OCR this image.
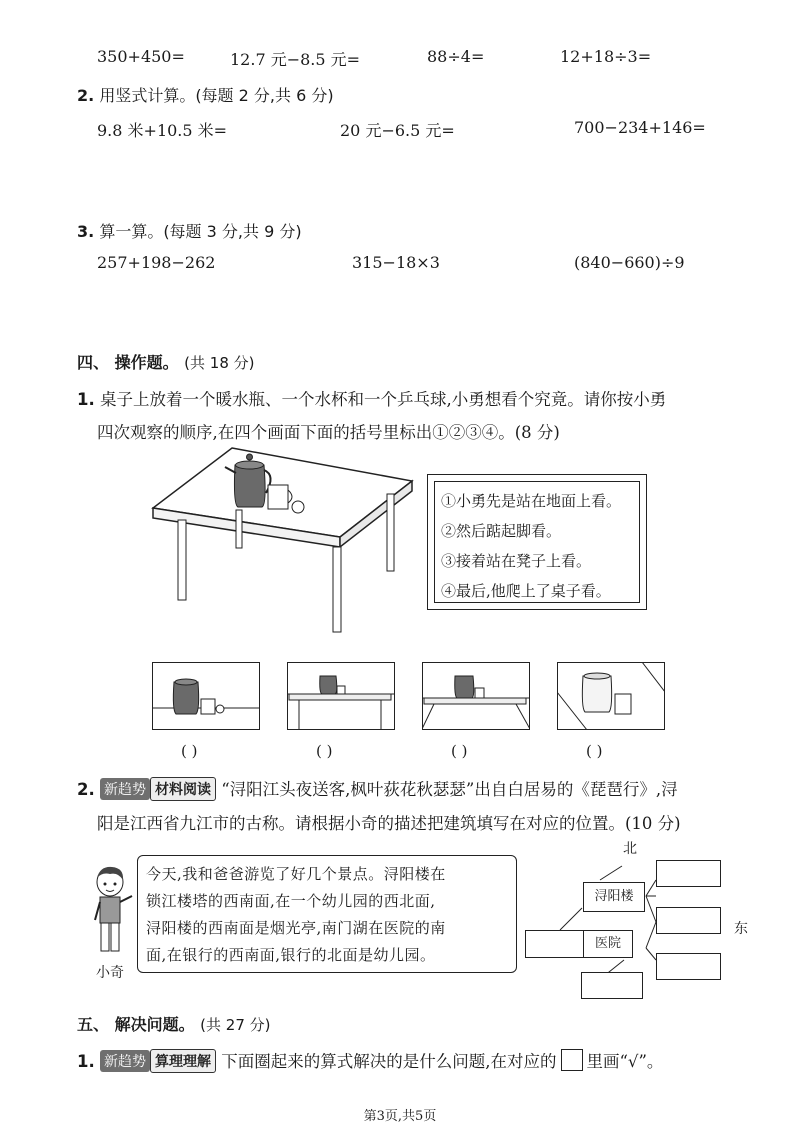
350+450=	12.7 元−8.5 元=	88÷4=	12+18÷3=
2. 用竖式计算。(每题 2 分,共 6 分)
9.8 米+10.5 米=	20 元−6.5 元=	700−234+146=
3. 算一算。(每题 3 分,共 9 分)
257+198−262	315−18×3	(840−660)÷9
四、 操作题。 (共 18 分)
1. 桌子上放着一个暖水瓶、一个水杯和一个乒乓球,小勇想看个究竟。请你按小勇
四次观察的顺序,在四个画面下面的括号里标出①②③④。(8 分)
①小勇先是站在地面上看。
②然后踮起脚看。
③接着站在凳子上看。
④最后,他爬上了桌子看。
( )	( )	( )	( )
2. 新趋势 材料阅读 “浔阳江头夜送客,枫叶荻花秋瑟瑟”出自白居易的《琵琶行》,浔
阳是江西省九江市的古称。请根据小奇的描述把建筑填写在对应的位置。(10 分)
小奇
今天,我和爸爸游览了好几个景点。浔阳楼在
锁江楼塔的西南面,在一个幼儿园的西北面,
浔阳楼的西南面是烟光亭,南门湖在医院的南
面,在银行的西南面,银行的北面是幼儿园。
北
东
浔阳楼
医院
五、 解决问题。 (共 27 分)
1. 新趋势 算理理解 下面圈起来的算式解决的是什么问题,在对应的 里画“√”。
第3页,共5页
